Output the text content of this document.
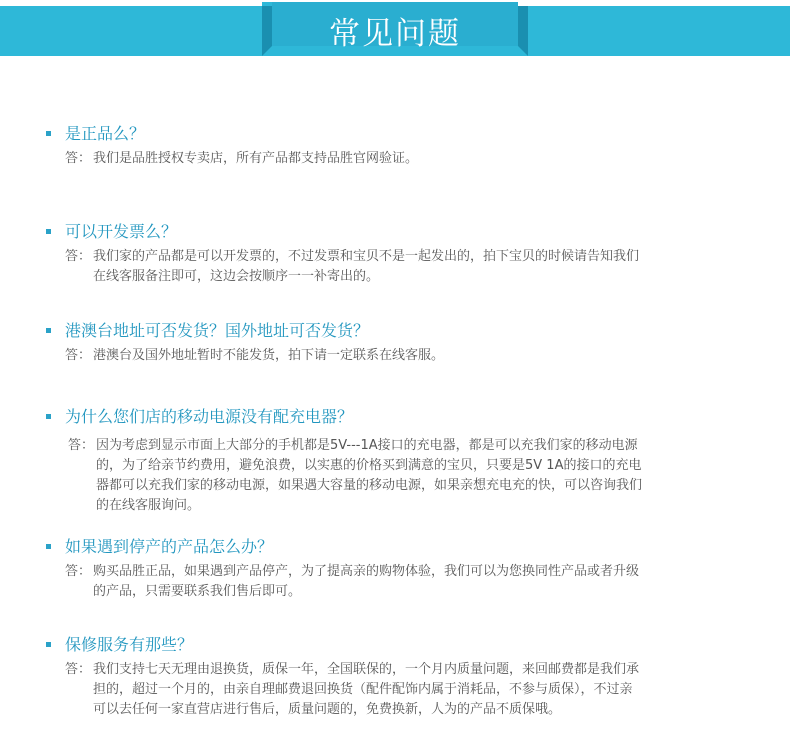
常见问题
是正品么？
答： 我们是品胜授权专卖店，所有产品都支持品胜官网验证。
可以开发票么？
答： 我们家的产品都是可以开发票的，不过发票和宝贝不是一起发出的，拍下宝贝的时候请告知我们
在线客服备注即可，这边会按顺序一一补寄出的。
港澳台地址可否发货？国外地址可否发货？
答： 港澳台及国外地址暂时不能发货，拍下请一定联系在线客服。
为什么您们店的移动电源没有配充电器？
答： 因为考虑到显示市面上大部分的手机都是5V---1A接口的充电器，都是可以充我们家的移动电源
的，为了给亲节约费用，避免浪费，以实惠的价格买到满意的宝贝，只要是5V 1A的接口的充电
器都可以充我们家的移动电源，如果遇大容量的移动电源，如果亲想充电充的快，可以咨询我们
的在线客服询问。
如果遇到停产的产品怎么办？
答： 购买品胜正品，如果遇到产品停产，为了提高亲的购物体验，我们可以为您换同性产品或者升级
的产品，只需要联系我们售后即可。
保修服务有那些？
答： 我们支持七天无理由退换货，质保一年，全国联保的，一个月内质量问题，来回邮费都是我们承
担的，超过一个月的，由亲自理邮费退回换货（配件配饰内属于消耗品，不参与质保），不过亲
可以去任何一家直营店进行售后，质量问题的，免费换新，人为的产品不质保哦。
